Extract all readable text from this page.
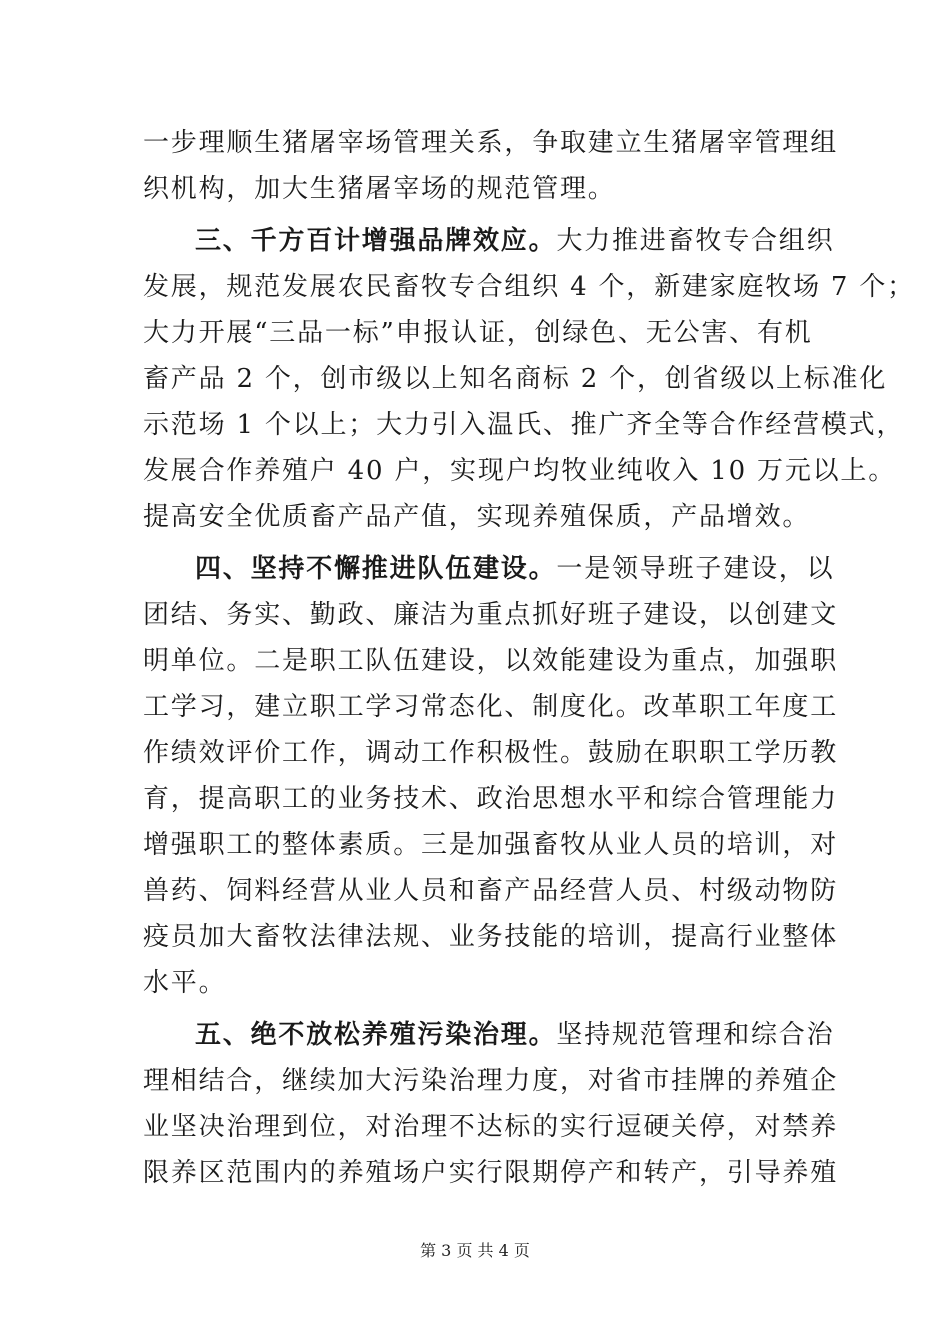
一步理顺生猪屠宰场管理关系，争取建立生猪屠宰管理组
织机构，加大生猪屠宰场的规范管理。
三、千方百计增强品牌效应。大力推进畜牧专合组织
发展，规范发展农民畜牧专合组织 4 个，新建家庭牧场 7 个；
大力开展“三品一标”申报认证，创绿色、无公害、有机
畜产品 2 个，创市级以上知名商标 2 个，创省级以上标准化
示范场 1 个以上；大力引入温氏、推广齐全等合作经营模式，
发展合作养殖户 40 户，实现户均牧业纯收入 10 万元以上。
提高安全优质畜产品产值，实现养殖保质，产品增效。
四、坚持不懈推进队伍建设。一是领导班子建设，以
团结、务实、勤政、廉洁为重点抓好班子建设，以创建文
明单位。二是职工队伍建设，以效能建设为重点，加强职
工学习，建立职工学习常态化、制度化。改革职工年度工
作绩效评价工作，调动工作积极性。鼓励在职职工学历教
育，提高职工的业务技术、政治思想水平和综合管理能力
增强职工的整体素质。三是加强畜牧从业人员的培训，对
兽药、饲料经营从业人员和畜产品经营人员、村级动物防
疫员加大畜牧法律法规、业务技能的培训，提高行业整体
水平。
五、绝不放松养殖污染治理。坚持规范管理和综合治
理相结合，继续加大污染治理力度，对省市挂牌的养殖企
业坚决治理到位，对治理不达标的实行逗硬关停，对禁养
限养区范围内的养殖场户实行限期停产和转产，引导养殖
第 3 页 共 4 页
